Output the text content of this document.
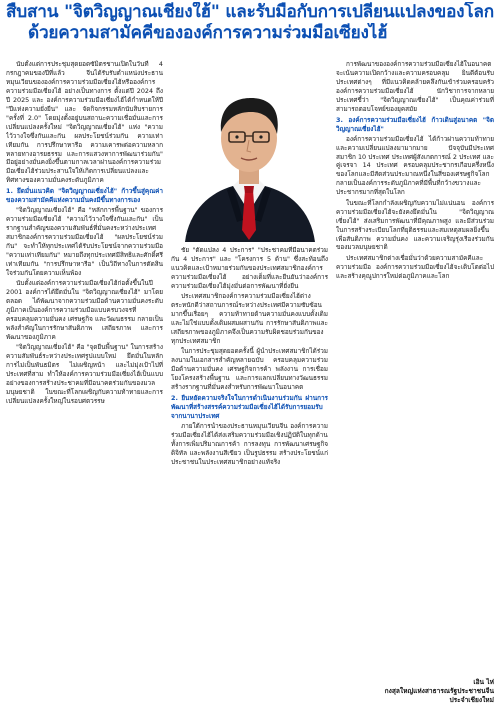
สืบสาน "จิตวิญญาณเชียงใฮ้" และรับมือกับการเปลี่ยนแปลงของโลก
ด้วยความสามัคคีขององค์การความร่วมมือเซี่ยงไฮ้

นับตั้งแต่การประชุมสุดยอดซัมิตรชานเปิดในวันที่ 4 กรกฎาคมของปีที่แล้ว จีนได้รับรับตำแหน่งประธานหมุนเวียนขององค์การความร่วมมือเซี่ยงไฮ้หรือองค์การความร่วมมือเซี่ยงไฮ้ อย่างเป็นทางการ ตั้งแต่ปี 2024 ถึงปี 2025 และ องค์การความร่วมมือเซี่ยงไฮ้ได้กำหนดให้ปี "ปีแห่งความยั่งยืน" และ จัดกิจกรรมหลักนับสิบรายการ "ครั้งที่ 2.0" โดยมุ่งตั้งอยู่บนสถานะความเชื่อมั่นและการเปลี่ยนแปลงครั้งใหม่ "จิตวิญญาณเซี่ยงไฮ้" แห่ง "ความไว้วางใจซึ่งกันและกัน ผลประโยชน์ร่วมกัน ความเท่าเทียมกัน การปรึกษาหารือ ความเคารพต่อความหลากหลายทางอารยธรรม และการแสวงหาการพัฒนาร่วมกัน" มีอยู่อย่างมั่นคงยิ่งขึ้นตามกาลเวลาผ่านองค์การความร่วมมือเซี่ยงไฮ้ร่วมประสานใจให้เกิดการเปลี่ยนแปลงและทิศทางของความมั่นคงระดับภูมิภาค

1. ยึดมั่นแนวคิด "จิตวิญญาณเซี่ยงไฮ้" ก้าวขึ้นสู่คุณค่าของความสามัคคีแห่งความมั่นคงมีขึ้นทางการเอง

"จิตวิญญาณเซี่ยงไฮ้" คือ "หลักการพื้นฐาน" ของการความร่วมมือเซี่ยงไฮ้ "ความไว้วางใจซึ่งกันและกัน" เป็นรากฐานสำคัญของความสัมพันธ์ที่มั่นคงระหว่างประเทศสมาชิกองค์การความร่วมมือเซี่ยงไฮ้ "ผลประโยชน์ร่วมกัน" จะทำให้ทุกประเทศได้รับประโยชน์จากความร่วมมือ "ความเท่าเทียมกัน" หมายถึงทุกประเทศมีสิทธิและศักดิ์ศรีเท่าเทียมกัน "การปรึกษาหารือ" เป็นวิถีทางในการตัดสินใจร่วมกันโดยความเห็นพ้อง

นับตั้งแต่องค์การความร่วมมือเซี่ยงไฮ้ก่อตั้งขึ้นในปี 2001 องค์การได้ยึดมั่นใน "จิตวิญญาณเซี่ยงไฮ้" มาโดยตลอด ได้พัฒนาจากความร่วมมือด้านความมั่นคงระดับภูมิภาคเป็นองค์การความร่วมมือแบบครบวงจรที่ครอบคลุมความมั่นคง เศรษฐกิจ และวัฒนธรรม กลายเป็นพลังสำคัญในการรักษาสันติภาพ เสถียรภาพ และการพัฒนาของภูมิภาค

"จิตวิญญาณเซี่ยงไฮ้" คือ "จุดยืนพื้นฐาน" ในการสร้างความสัมพันธ์ระหว่างประเทศรูปแบบใหม่ ยึดมั่นในหลักการไม่เป็นพันธมิตร ไม่เผชิญหน้า และไม่มุ่งเป้าไปที่ประเทศที่สาม ทำให้องค์การความร่วมมือเซี่ยงไฮ้เป็นแบบอย่างของการสร้างประชาคมที่มีอนาคตร่วมกันของมวลมนุษยชาติ ในขณะที่โลกเผชิญกับความท้าทายและการเปลี่ยนแปลงครั้งใหญ่ในรอบศตวรรษ

ชัย "ตัดแปลง 4 ประการ" "ประชาคมที่มีอนาคตร่วมกัน 4 ประการ" และ "โครงการ 5 ด้าน" ซึ่งสะท้อนถึงแนวคิดและเป้าหมายร่วมกันของประเทศสมาชิกองค์การความร่วมมือเซี่ยงไฮ้ อย่างเต็มที่และยืนยันว่าองค์การความร่วมมือเซี่ยงไฮ้มุ่งมั่นต่อการพัฒนาที่ยั่งยืน

ประเทศสมาชิกองค์การความร่วมมือเซี่ยงไฮ้ต่างตระหนักดีว่าสถานการณ์ระหว่างประเทศมีความซับซ้อนมากขึ้นเรื่อยๆ ความท้าทายด้านความมั่นคงแบบดั้งเดิมและไม่ใช่แบบดั้งเดิมผสมผสานกัน การรักษาสันติภาพและเสถียรภาพของภูมิภาคจึงเป็นความรับผิดชอบร่วมกันของทุกประเทศสมาชิก

ในการประชุมสุดยอดครั้งนี้ ผู้นำประเทศสมาชิกได้ร่วมลงนามในเอกสารสำคัญหลายฉบับ ครอบคลุมความร่วมมือด้านความมั่นคง เศรษฐกิจการค้า พลังงาน การเชื่อมโยงโครงสร้างพื้นฐาน และการแลกเปลี่ยนทางวัฒนธรรม สร้างรากฐานที่มั่นคงสำหรับการพัฒนาในอนาคต

2. ยืนหยัดความจริงใจในการดำเนินงานร่วมกัน ผ่านการพัฒนาที่สร้างสรรค์ความร่วมมือเซี่ยงไฮ้ได้รับการยอมรับจากนานาประเทศ

ภายใต้การนำของประธานหมุนเวียนจีน องค์การความร่วมมือเซี่ยงไฮ้ได้ส่งเสริมความร่วมมือเชิงปฏิบัติในทุกด้าน ทั้งการเพิ่มปริมาณการค้า การลงทุน การพัฒนาเศรษฐกิจดิจิทัล และพลังงานสีเขียว เป็นรูปธรรม สร้างประโยชน์แก่ประชาชนในประเทศสมาชิกอย่างแท้จริง

การพัฒนาขององค์การความร่วมมือเซี่ยงไฮ้ในอนาคตจะเน้นความเปิดกว้างและความครอบคลุม ยินดีต้อนรับประเทศต่างๆ ที่มีแนวคิดคล้ายคลึงกันเข้าร่วมครอบครัวองค์การความร่วมมือเซี่ยงไฮ้ นักวิชาการจากหลายประเทศชี้ว่า "จิตวิญญาณเซี่ยงไฮ้" เป็นคุณค่าร่วมที่สามารถตอบโจทย์ของยุคสมัย

3. องค์การความร่วมมือเซี่ยงไฮ้ ก้าวเดินสู่อนาคต "จิตวิญญาณเซี่ยงไฮ้"

องค์การความร่วมมือเซี่ยงไฮ้ ได้ก้าวผ่านความท้าทายและความเปลี่ยนแปลงมามากมาย ปัจจุบันมีประเทศสมาชิก 10 ประเทศ ประเทศผู้สังเกตการณ์ 2 ประเทศ และคู่เจรจา 14 ประเทศ ครอบคลุมประชากรเกือบครึ่งหนึ่งของโลกและมีสัดส่วนประมาณหนึ่งในสี่ของเศรษฐกิจโลก กลายเป็นองค์การระดับภูมิภาคที่มีพื้นที่กว้างขวางและประชากรมากที่สุดในโลก

ในขณะที่โลกกำลังเผชิญกับความไม่แน่นอน องค์การความร่วมมือเซี่ยงไฮ้จะยังคงยึดมั่นใน "จิตวิญญาณเซี่ยงไฮ้" ส่งเสริมการพัฒนาที่มีคุณภาพสูง และมีส่วนร่วมในการสร้างระเบียบโลกที่ยุติธรรมและสมเหตุสมผลยิ่งขึ้น เพื่อสันติภาพ ความมั่นคง และความเจริญรุ่งเรืองร่วมกันของมวลมนุษยชาติ

ประเทศสมาชิกต่างเชื่อมั่นว่าด้วยความสามัคคีและความร่วมมือ องค์การความร่วมมือเซี่ยงไฮ้จะเติบโตต่อไปและสร้างคุณูปการใหม่ต่อภูมิภาคและโลก

เอิน ไห่
กงสุลใหญ่แห่งสาธารณรัฐประชาชนจีน
ประจำเชียงใหม่
